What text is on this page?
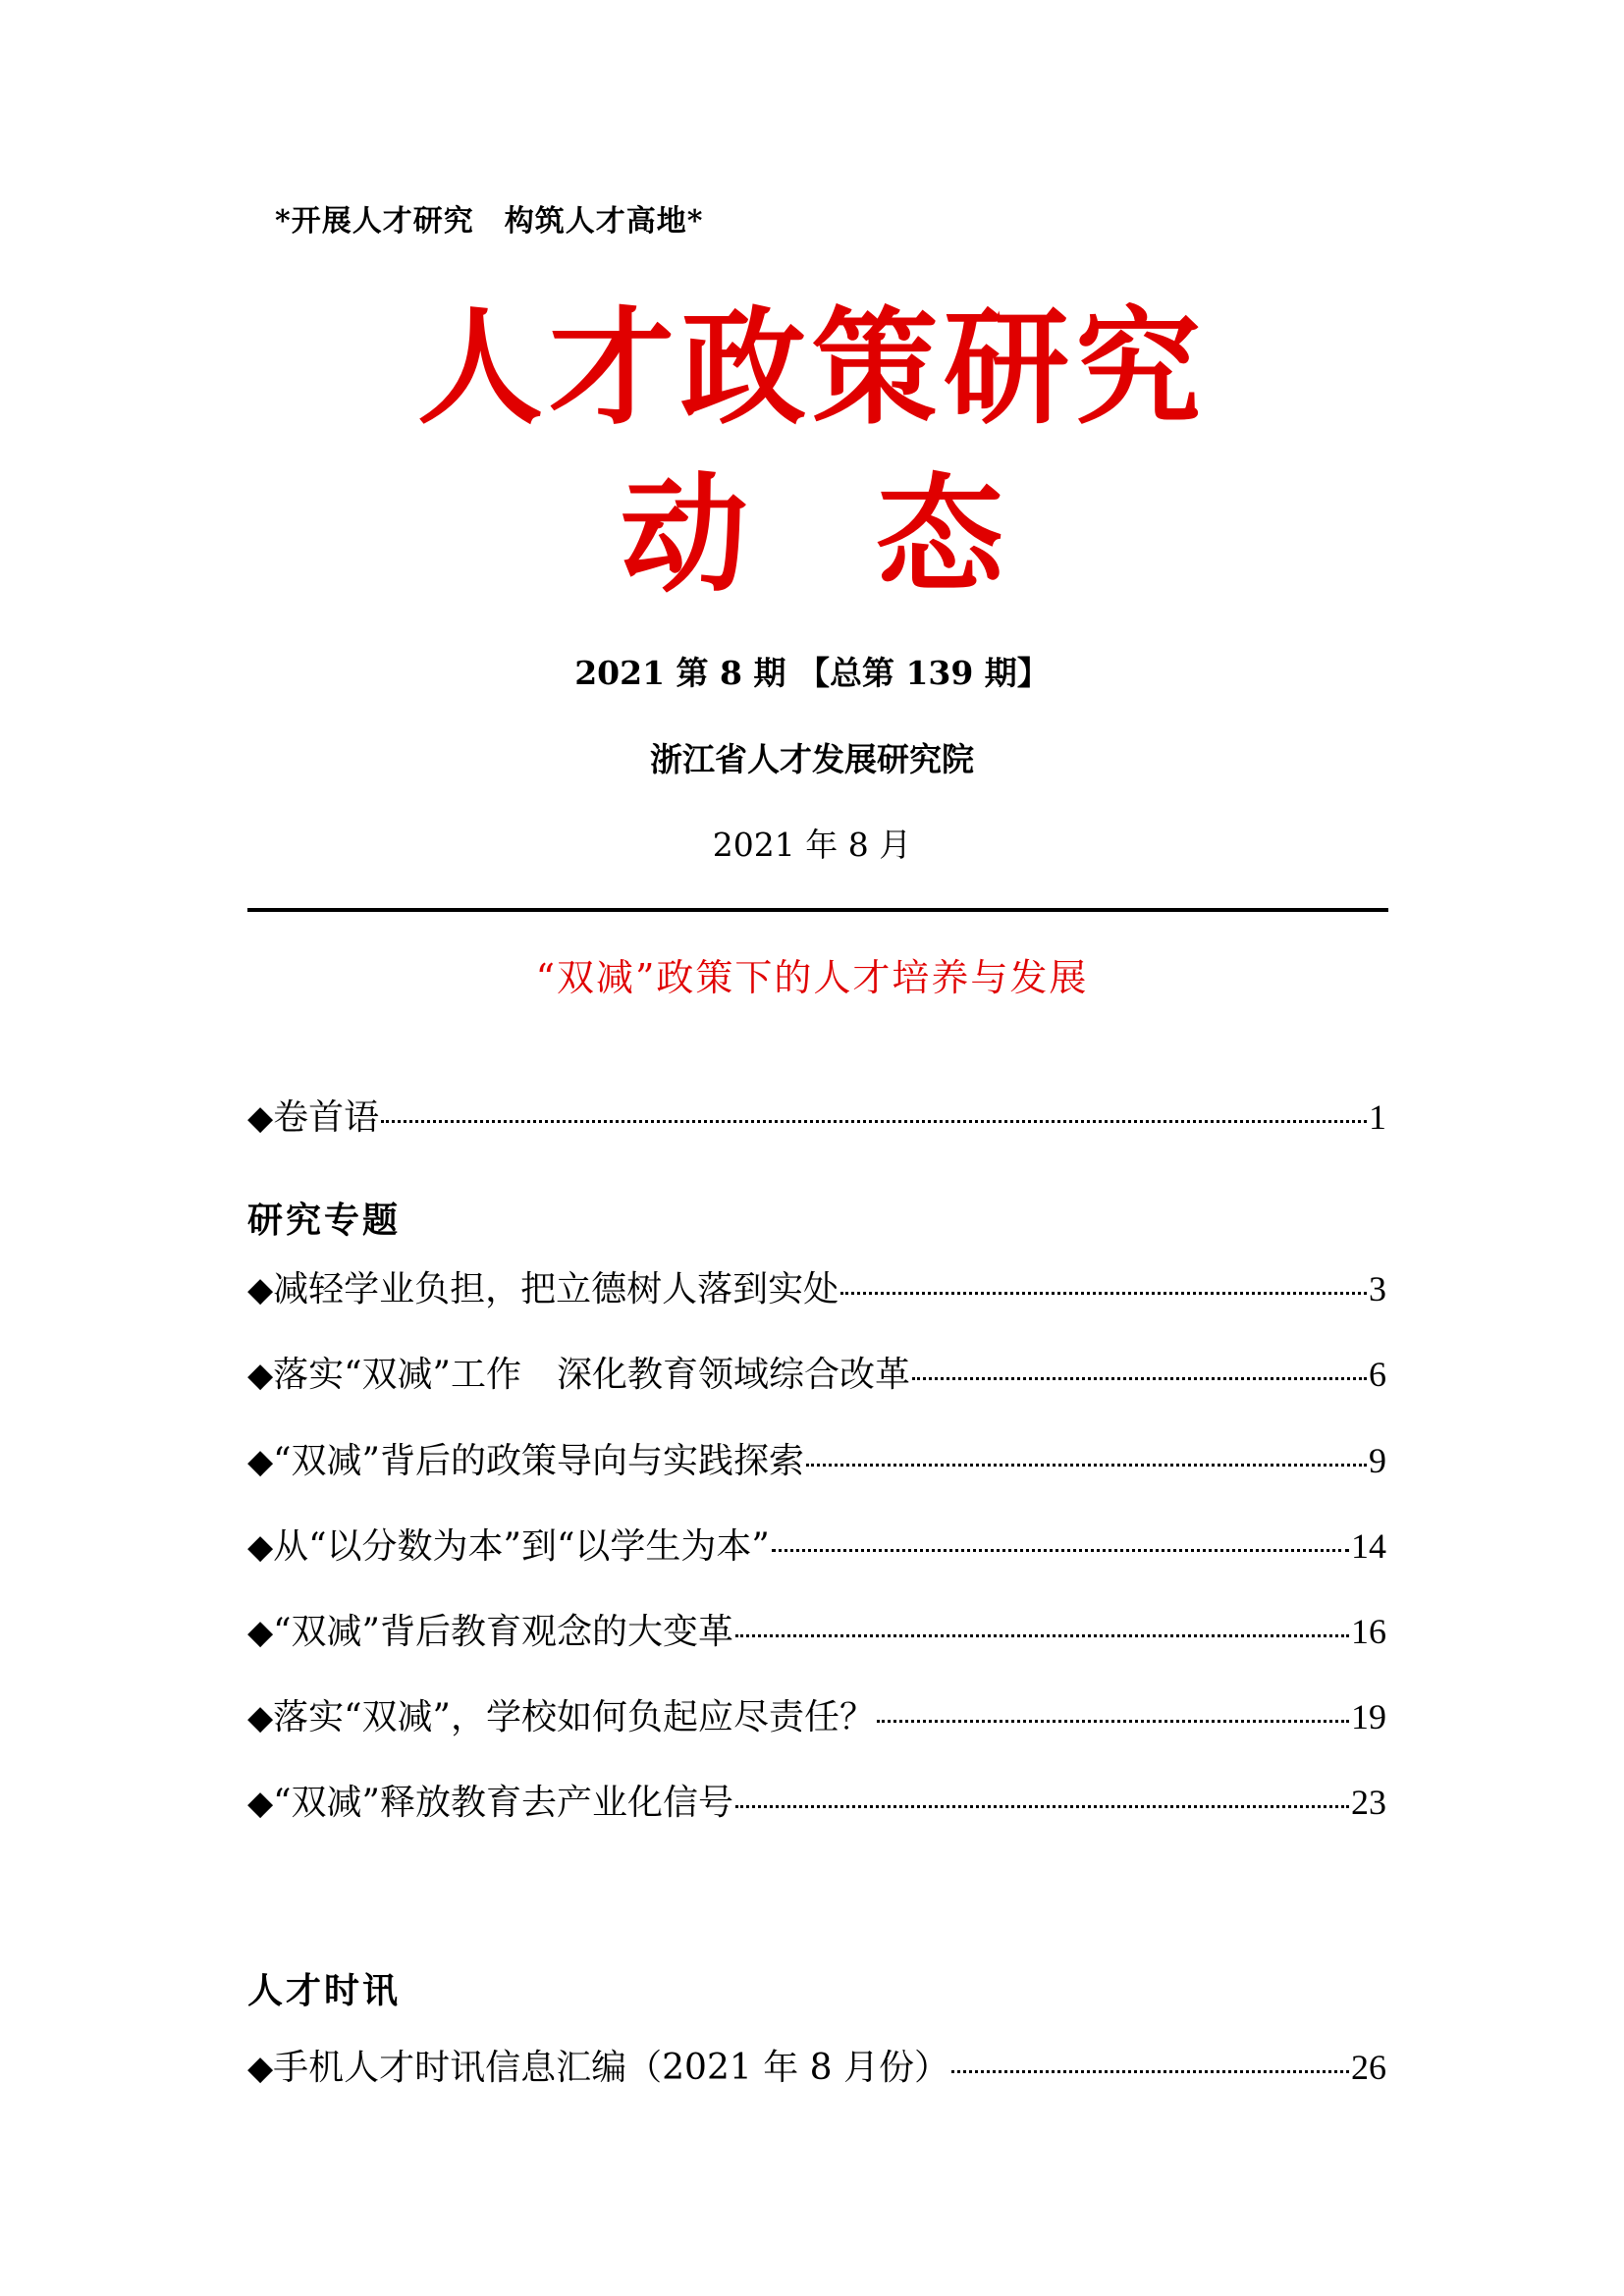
*开展人才研究　构筑人才高地*
人才政策研究
动　态
2021 第 8 期 【总第 139 期】
浙江省人才发展研究院
2021 年 8 月
“双减”政策下的人才培养与发展
◆ 卷首语	1
研究专题
◆ 减轻学业负担，把立德树人落到实处	3
◆ 落实“双减”工作　深化教育领域综合改革	6
◆ “双减”背后的政策导向与实践探索	9
◆ 从“以分数为本”到“以学生为本”	14
◆ “双减”背后教育观念的大变革	16
◆ 落实“双减”，学校如何负起应尽责任？	19
◆ “双减”释放教育去产业化信号	23
人才时讯
◆ 手机人才时讯信息汇编（2021 年 8 月份）	26
